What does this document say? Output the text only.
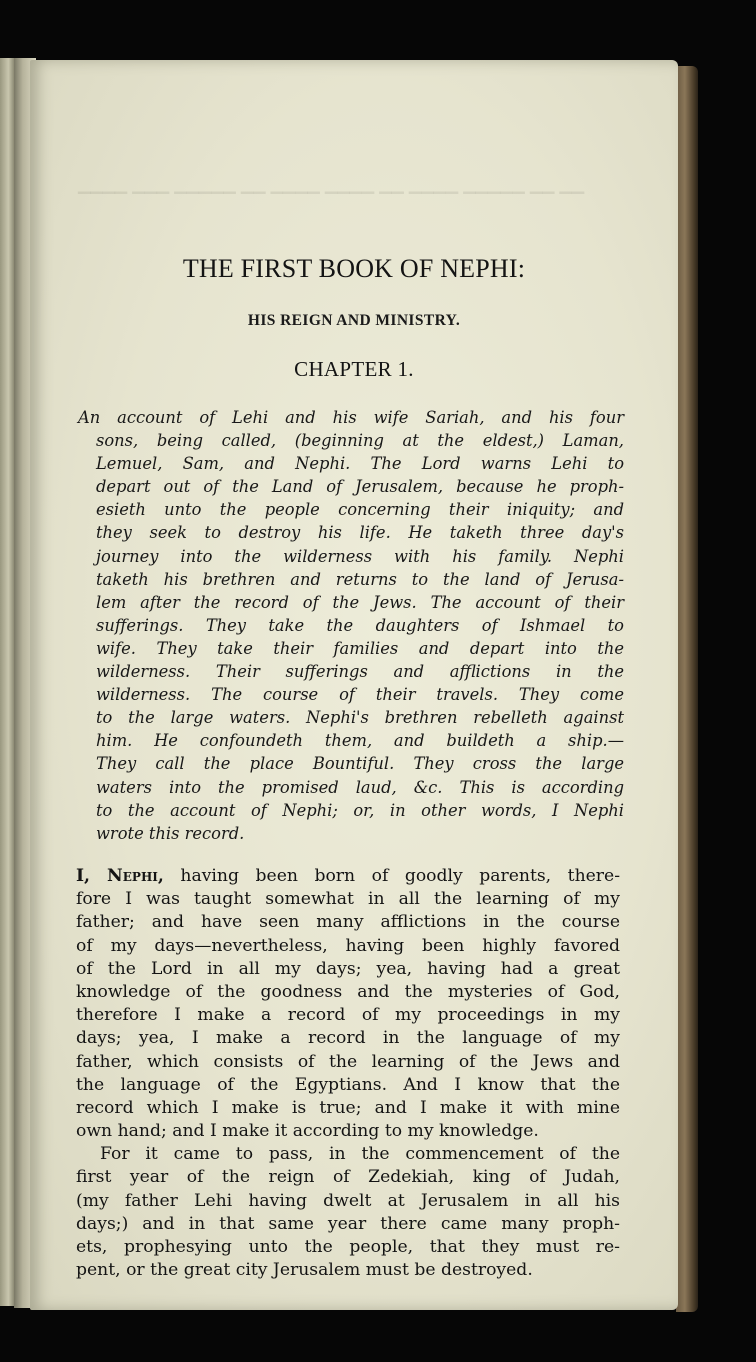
▁▁▁▁ ▁▁▁ ▁▁▁▁▁ ▁▁ ▁▁▁▁ ▁▁▁▁ ▁▁ ▁▁▁▁ ▁▁▁▁▁ ▁▁ ▁▁
THE FIRST BOOK OF NEPHI:
HIS REIGN AND MINISTRY.
CHAPTER 1.
An account of Lehi and his wife Sariah, and his four
sons, being called, (beginning at the eldest,) Laman,
Lemuel, Sam, and Nephi. The Lord warns Lehi to
depart out of the Land of Jerusalem, because he proph-
esieth unto the people concerning their iniquity; and
they seek to destroy his life. He taketh three day's
journey into the wilderness with his family. Nephi
taketh his brethren and returns to the land of Jerusa-
lem after the record of the Jews. The account of their
sufferings. They take the daughters of Ishmael to
wife. They take their families and depart into the
wilderness. Their sufferings and afflictions in the
wilderness. The course of their travels. They come
to the large waters. Nephi's brethren rebelleth against
him. He confoundeth them, and buildeth a ship.—
They call the place Bountiful. They cross the large
waters into the promised laud, &c. This is according
to the account of Nephi; or, in other words, I Nephi
wrote this record.
I, Nephi, having been born of goodly parents, there-
fore I was taught somewhat in all the learning of my
father; and have seen many afflictions in the course
of my days—nevertheless, having been highly favored
of the Lord in all my days; yea, having had a great
knowledge of the goodness and the mysteries of God,
therefore I make a record of my proceedings in my
days; yea, I make a record in the language of my
father, which consists of the learning of the Jews and
the language of the Egyptians. And I know that the
record which I make is true; and I make it with mine
own hand; and I make it according to my knowledge.
For it came to pass, in the commencement of the
first year of the reign of Zedekiah, king of Judah,
(my father Lehi having dwelt at Jerusalem in all his
days;) and in that same year there came many proph-
ets, prophesying unto the people, that they must re-
pent, or the great city Jerusalem must be destroyed.
